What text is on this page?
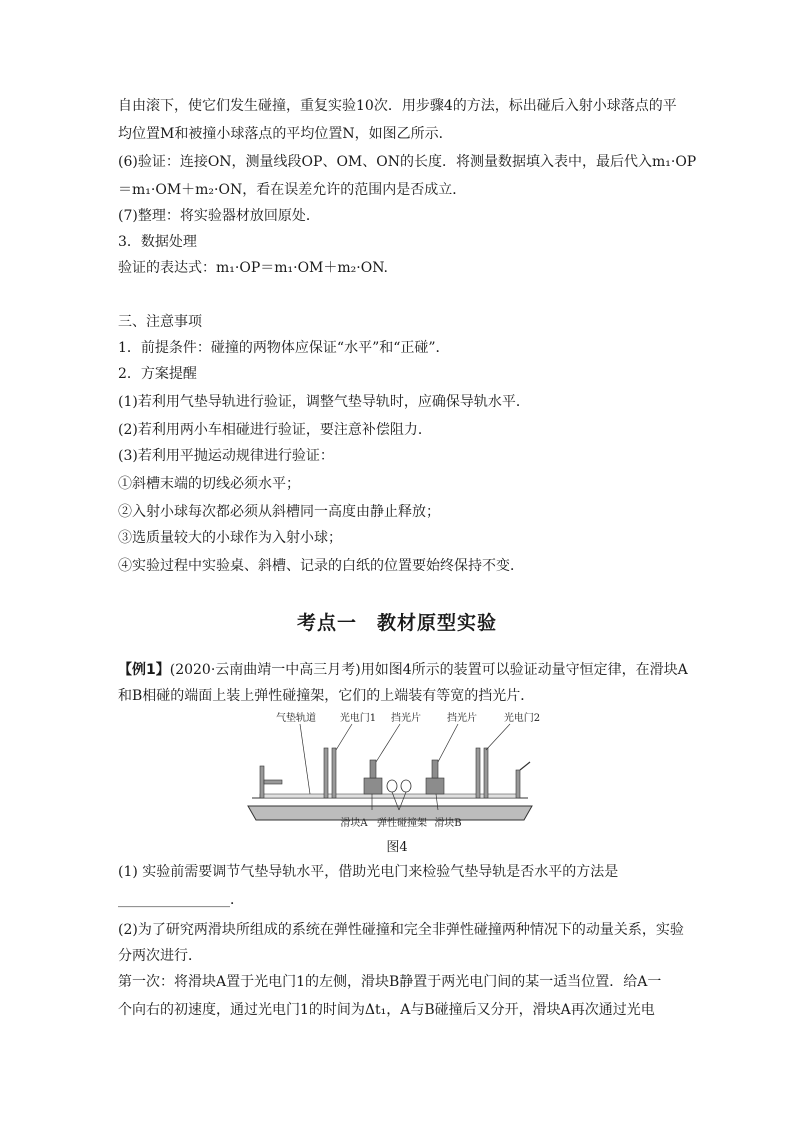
自由滚下，使它们发生碰撞，重复实验10次．用步骤4的方法，标出碰后入射小球落点的平
均位置M和被撞小球落点的平均位置N，如图乙所示．
(6)验证：连接ON，测量线段OP、OM、ON的长度．将测量数据填入表中，最后代入m₁·OP
＝m₁·OM＋m₂·ON，看在误差允许的范围内是否成立．
(7)整理：将实验器材放回原处．
3．数据处理
验证的表达式：m₁·OP＝m₁·OM＋m₂·ON.
三、注意事项
1．前提条件：碰撞的两物体应保证“水平”和“正碰”．
2．方案提醒
(1)若利用气垫导轨进行验证，调整气垫导轨时，应确保导轨水平．
(2)若利用两小车相碰进行验证，要注意补偿阻力．
(3)若利用平抛运动规律进行验证：
①斜槽末端的切线必须水平；
②入射小球每次都必须从斜槽同一高度由静止释放；
③选质量较大的小球作为入射小球；
④实验过程中实验桌、斜槽、记录的白纸的位置要始终保持不变．
考点一　教材原型实验
【例1】(2020·云南曲靖一中高三月考)用如图4所示的装置可以验证动量守恒定律，在滑块A
和B相碰的端面上装上弹性碰撞架，它们的上端装有等宽的挡光片．
气垫轨道 光电门1 挡光片	挡光片	光电门2
滑块A 弹性碰撞架 滑块B
图4
(1) 实验前需要调节气垫导轨水平，借助光电门来检验气垫导轨是否水平的方法是
________________．
(2)为了研究两滑块所组成的系统在弹性碰撞和完全非弹性碰撞两种情况下的动量关系，实验
分两次进行．
第一次：将滑块A置于光电门1的左侧，滑块B静置于两光电门间的某一适当位置．给A一
个向右的初速度，通过光电门1的时间为Δt₁，A与B碰撞后又分开，滑块A再次通过光电
